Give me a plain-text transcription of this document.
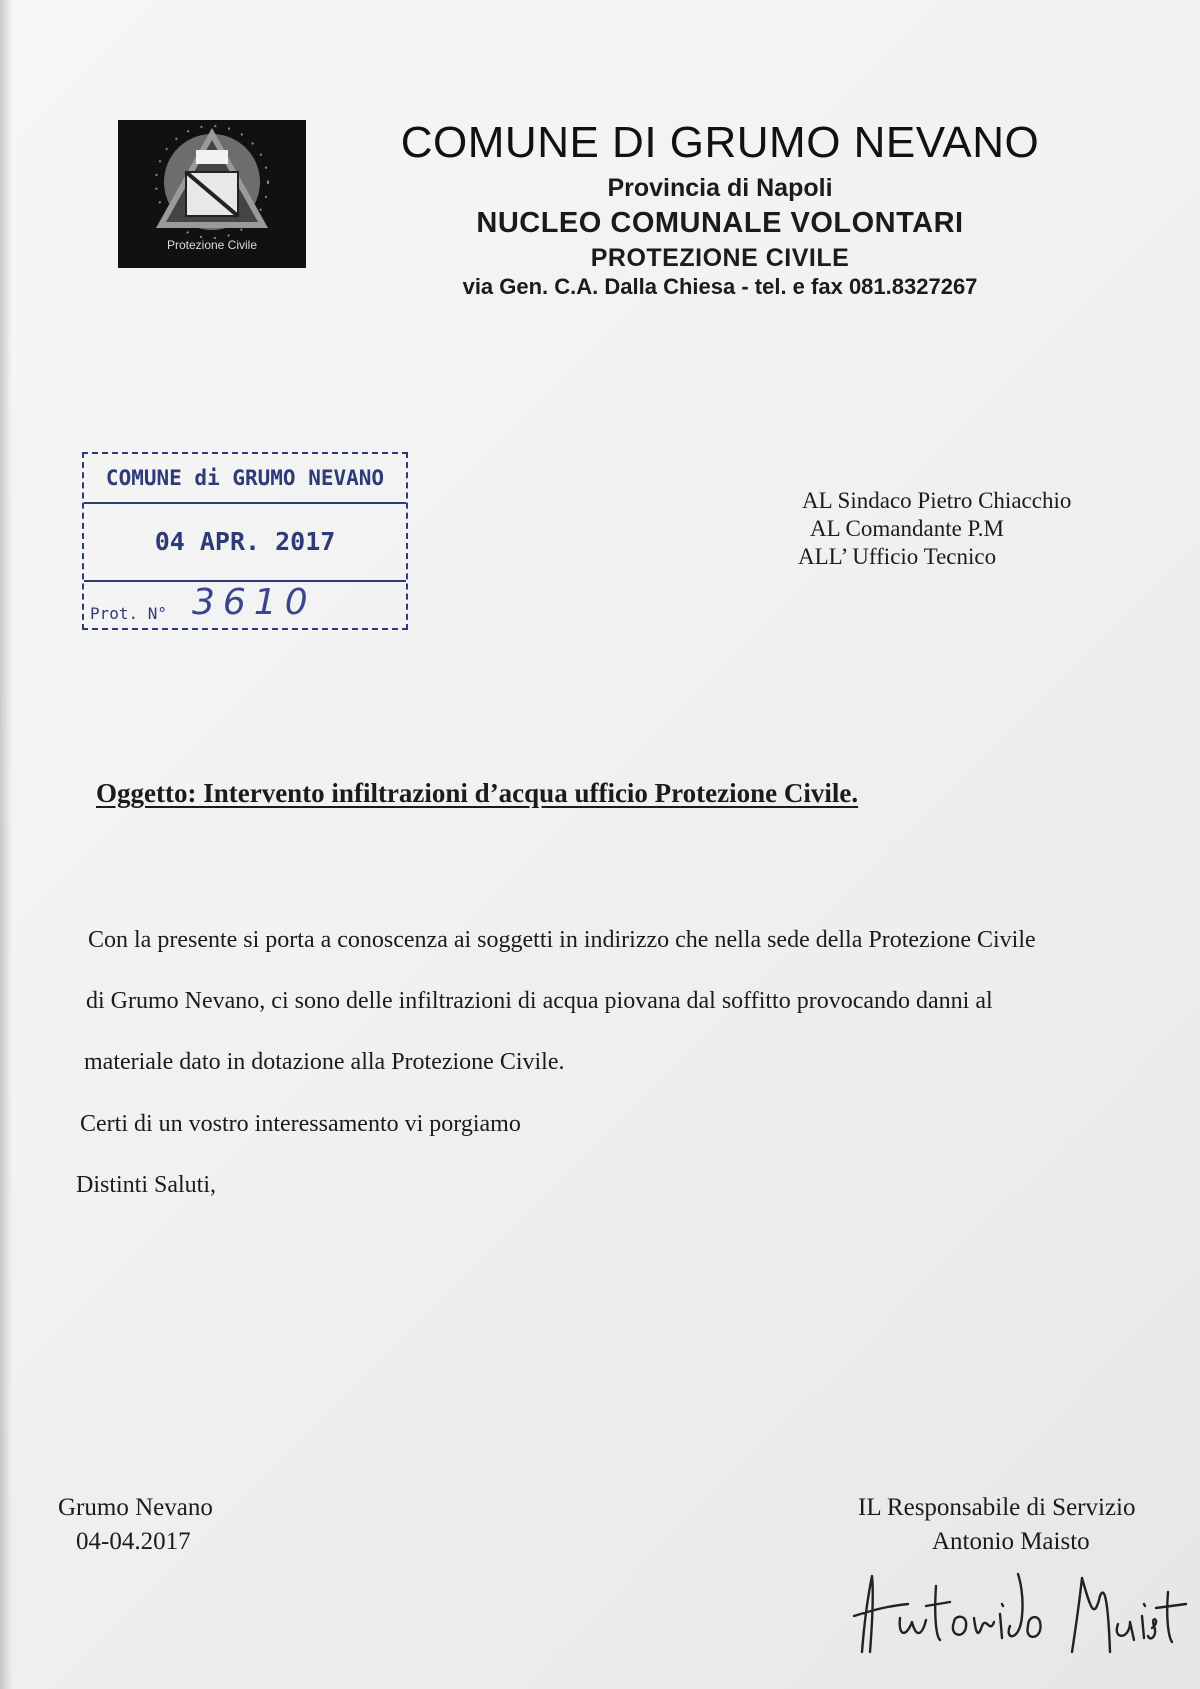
Protezione Civile
COMUNE DI GRUMO NEVANO
Provincia di Napoli
NUCLEO COMUNALE VOLONTARI
PROTEZIONE CIVILE
via Gen. C.A. Dalla Chiesa - tel. e fax 081.8327267
COMUNE di GRUMO NEVANO
04 APR. 2017
Prot. N° 3610
AL Sindaco Pietro Chiacchio
AL Comandante P.M
ALL’ Ufficio Tecnico
Oggetto: Intervento infiltrazioni d’acqua ufficio Protezione Civile.
Con la presente si porta a conoscenza ai soggetti in indirizzo che nella sede della Protezione Civile
di Grumo Nevano, ci sono delle infiltrazioni di acqua piovana dal soffitto provocando danni al
materiale dato in dotazione alla Protezione Civile.
Certi di un vostro interessamento vi porgiamo
Distinti Saluti,
Grumo Nevano
04-04.2017
IL Responsabile di Servizio
Antonio Maisto
